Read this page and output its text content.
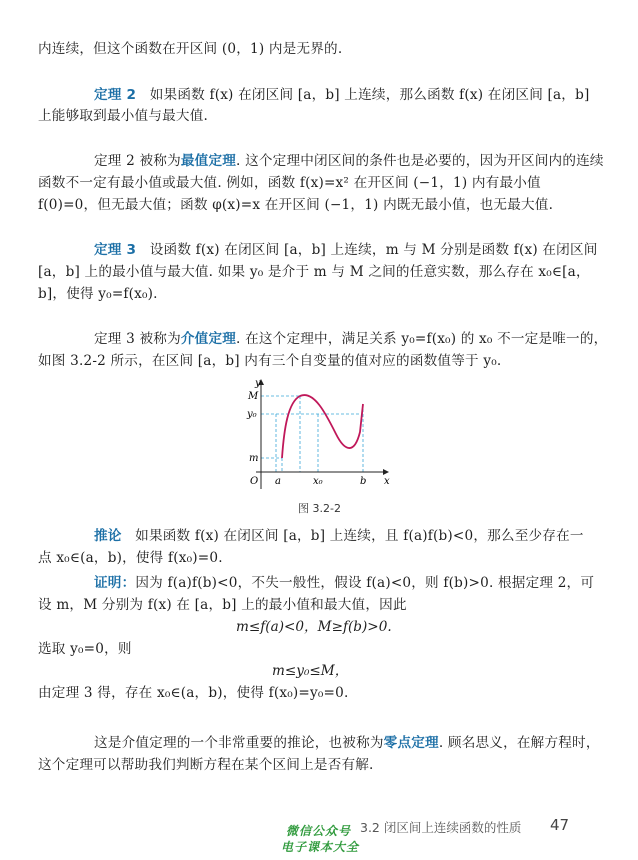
内连续，但这个函数在开区间 (0，1) 内是无界的.
定理 2 如果函数 f(x) 在闭区间 [a，b] 上连续，那么函数 f(x) 在闭区间 [a，b]
上能够取到最小值与最大值.
定理 2 被称为最值定理. 这个定理中闭区间的条件也是必要的，因为开区间内的连续
函数不一定有最小值或最大值. 例如，函数 f(x)=x² 在开区间 (−1，1) 内有最小值
f(0)=0，但无最大值；函数 φ(x)=x 在开区间 (−1，1) 内既无最小值，也无最大值.
定理 3 设函数 f(x) 在闭区间 [a，b] 上连续，m 与 M 分别是函数 f(x) 在闭区间
[a，b] 上的最小值与最大值. 如果 y₀ 是介于 m 与 M 之间的任意实数，那么存在 x₀∈[a，
b]，使得 y₀=f(x₀).
定理 3 被称为介值定理. 在这个定理中，满足关系 y₀=f(x₀) 的 x₀ 不一定是唯一的，
如图 3.2-2 所示，在区间 [a，b] 内有三个自变量的值对应的函数值等于 y₀.
y
x
O
M
y₀
m
a	x₀	b
图 3.2-2
推论 如果函数 f(x) 在闭区间 [a，b] 上连续，且 f(a)f(b)<0，那么至少存在一
点 x₀∈(a，b)，使得 f(x₀)=0.
证明：因为 f(a)f(b)<0，不失一般性，假设 f(a)<0，则 f(b)>0. 根据定理 2，可
设 m，M 分别为 f(x) 在 [a，b] 上的最小值和最大值，因此
m≤f(a)<0，M≥f(b)>0.
选取 y₀=0，则
m≤y₀≤M，
由定理 3 得，存在 x₀∈(a，b)，使得 f(x₀)=y₀=0.
这是介值定理的一个非常重要的推论，也被称为零点定理. 顾名思义，在解方程时，
这个定理可以帮助我们判断方程在某个区间上是否有解.
3.2 闭区间上连续函数的性质 47
微信公众号
电子课本大全
